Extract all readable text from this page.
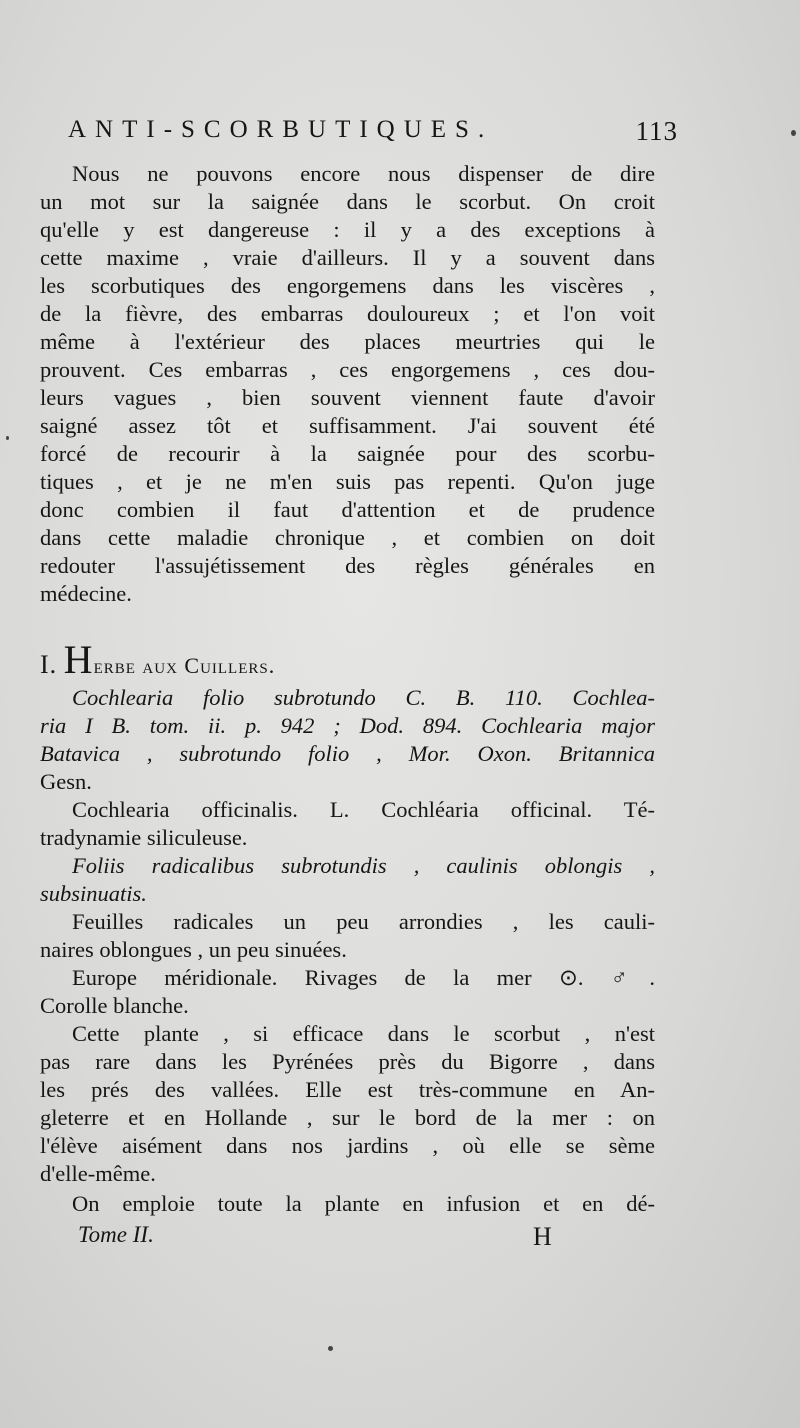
ANTI-SCORBUTIQUES.	113
Nous ne pouvons encore nous dispenser de dire
un mot sur la saignée dans le scorbut. On croit
qu'elle y est dangereuse : il y a des exceptions à
cette maxime , vraie d'ailleurs. Il y a souvent dans
les scorbutiques des engorgemens dans les viscères ,
de la fièvre, des embarras douloureux ; et l'on voit
même à l'extérieur des places meurtries qui le
prouvent. Ces embarras , ces engorgemens , ces dou-
leurs vagues , bien souvent viennent faute d'avoir
saigné assez tôt et suffisamment. J'ai souvent été
forcé de recourir à la saignée pour des scorbu-
tiques , et je ne m'en suis pas repenti. Qu'on juge
donc combien il faut d'attention et de prudence
dans cette maladie chronique , et combien on doit
redouter l'assujétissement des règles générales en
médecine.
I. Herbe aux Cuillers.
Cochlearia folio subrotundo C. B. 110. Cochlea-
ria I B. tom. ii. p. 942 ; Dod. 894. Cochlearia major
Batavica , subrotundo folio , Mor. Oxon. Britannica
Gesn.
Cochlearia officinalis. L. Cochléaria officinal. Té-
tradynamie siliculeuse.
Foliis radicalibus subrotundis , caulinis oblongis ,
subsinuatis.
Feuilles radicales un peu arrondies , les cauli-
naires oblongues , un peu sinuées.
Europe méridionale. Rivages de la mer ⊙. ♂.
Corolle blanche.
Cette plante , si efficace dans le scorbut , n'est
pas rare dans les Pyrénées près du Bigorre , dans
les prés des vallées. Elle est très-commune en An-
gleterre et en Hollande , sur le bord de la mer : on
l'élève aisément dans nos jardins , où elle se sème
d'elle-même.
On emploie toute la plante en infusion et en dé-
Tome II.	H
